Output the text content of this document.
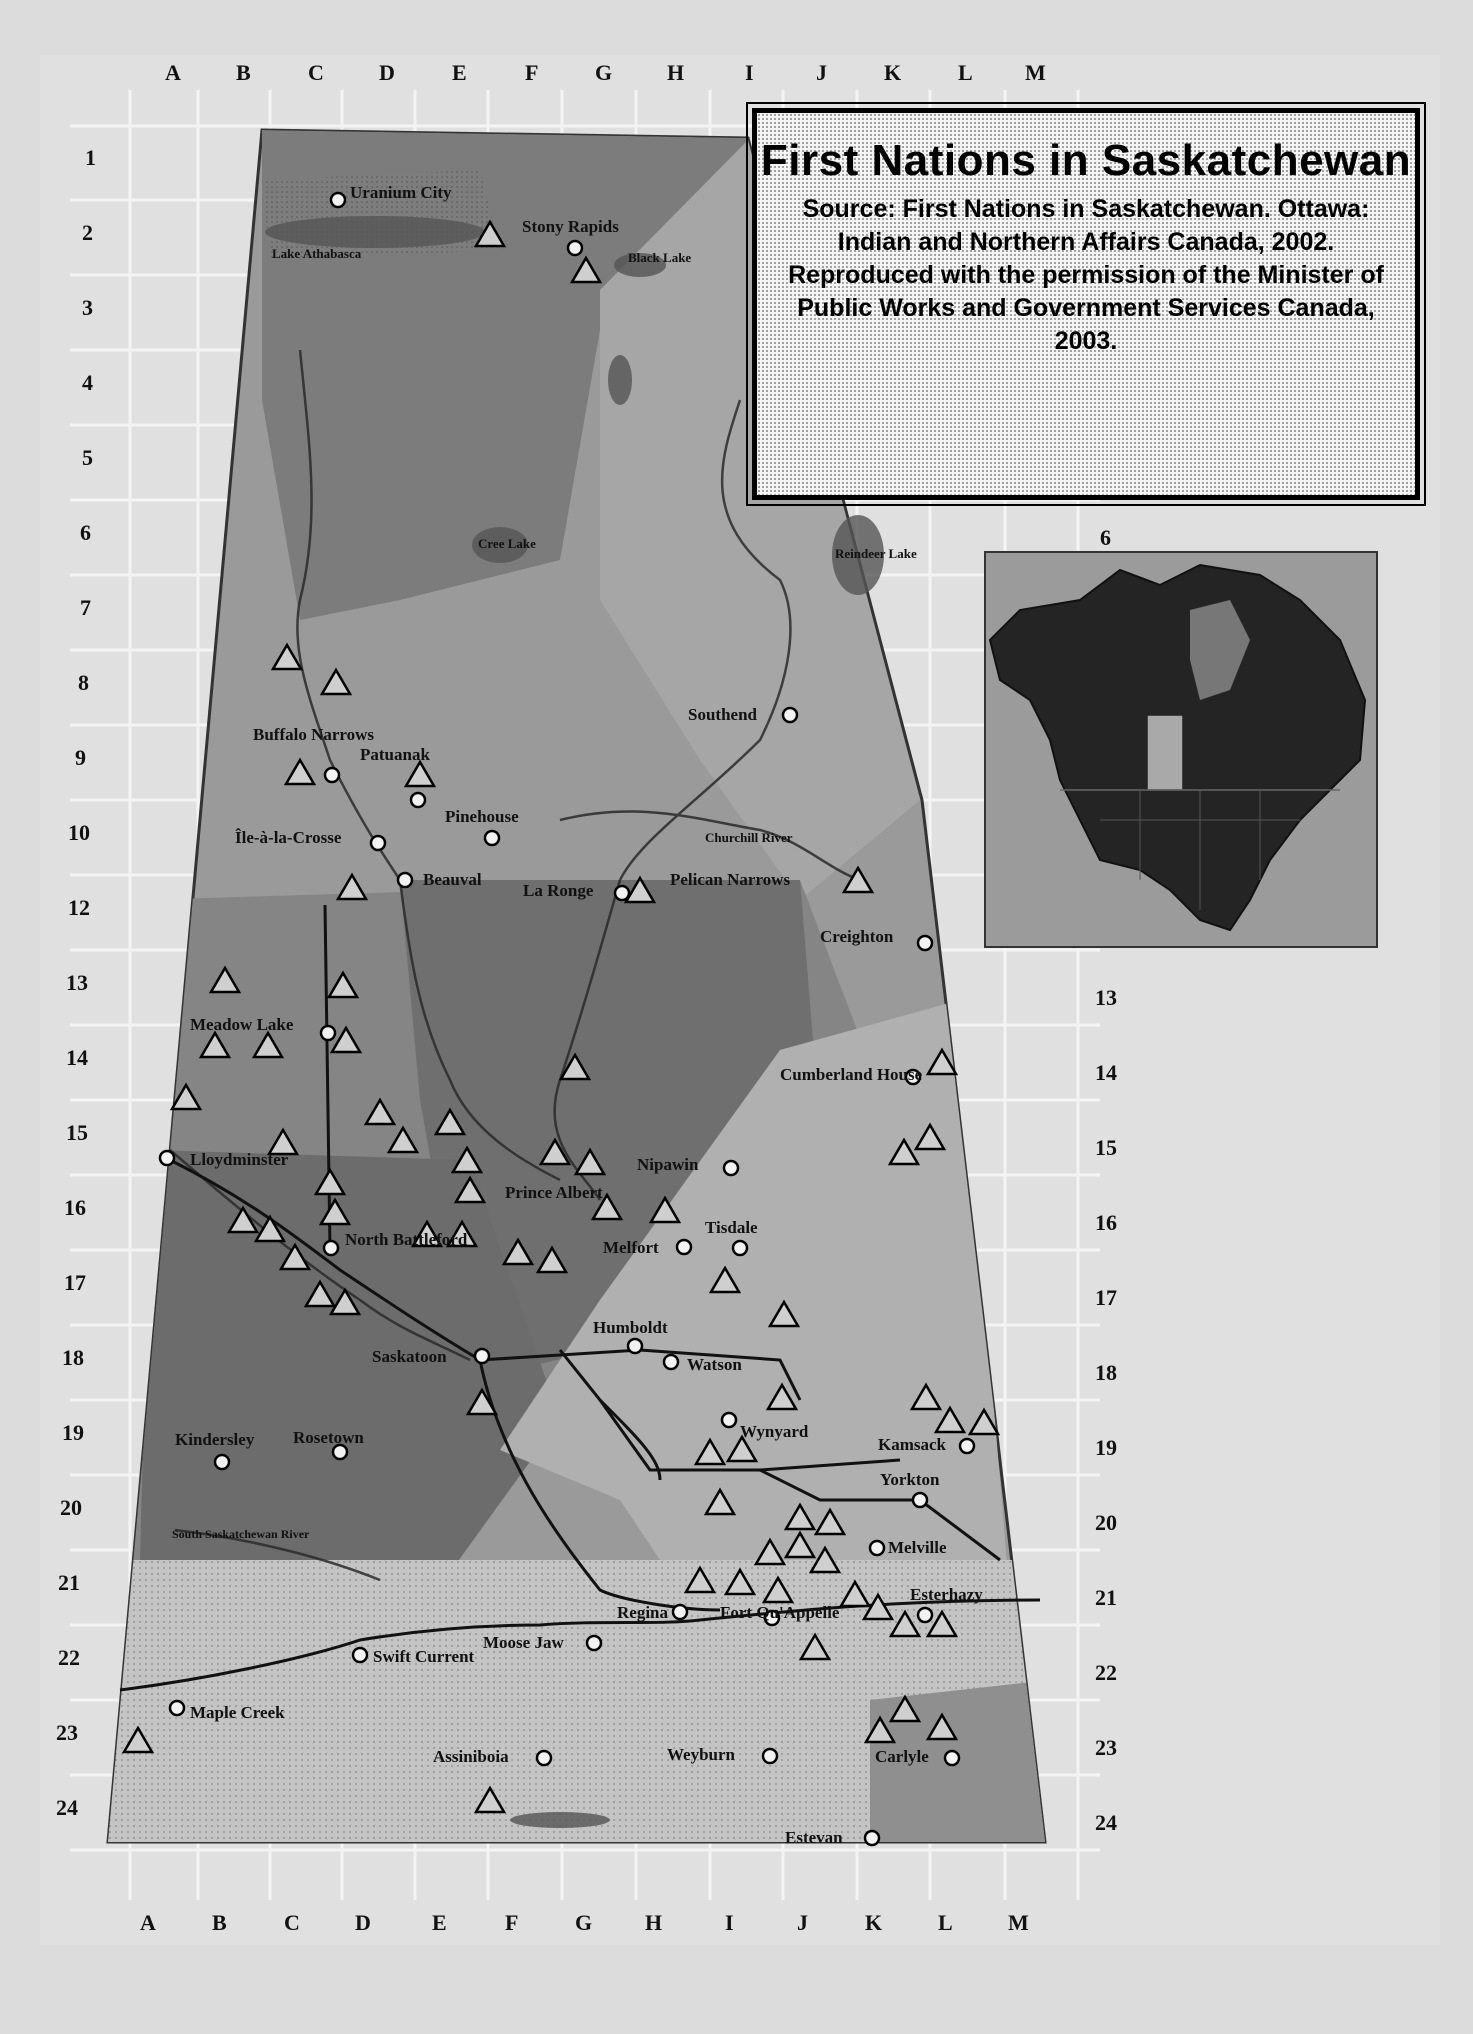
A	B	C	D	E	F	G H	I	J	K	L M
A	B	C	D	E	F	G H	I	J	K	L	M
1
2
3
4
5
6
7
8
9
10
12
13
14
15
16
17
18
19
20
21
22
23
24
6
13
14
15
16
17
18
19
20
21
22
23
24
Uranium City
Stony Rapids
Lake Athabasca	Black Lake
Cree Lake
Reindeer Lake
Southend
Buffalo Narrows
Patuanak
Pinehouse
Île-à-la-Crosse
Beauval
La Ronge
Pelican Narrows
Creighton
Churchill River
Meadow Lake
Cumberland House
Lloydminster	Nipawin
Prince Albert
North Battleford	Melfort
Tisdale
Humboldt
Saskatoon	Watson
Wynyard
Kamsack
Kindersley Rosetown
Yorkton
Melville
Esterhazy
Regina	Fort Qu'Appelle
Moose Jaw
Swift Current
South Saskatchewan River
Maple Creek
Assiniboia	Weyburn	Carlyle
Estevan
First Nations in Saskatchewan
Source: First Nations in Saskatchewan. Ottawa: Indian and Northern Affairs Canada, 2002. Reproduced with the permission of the Minister of Public Works and Government Services Canada, 2003.
